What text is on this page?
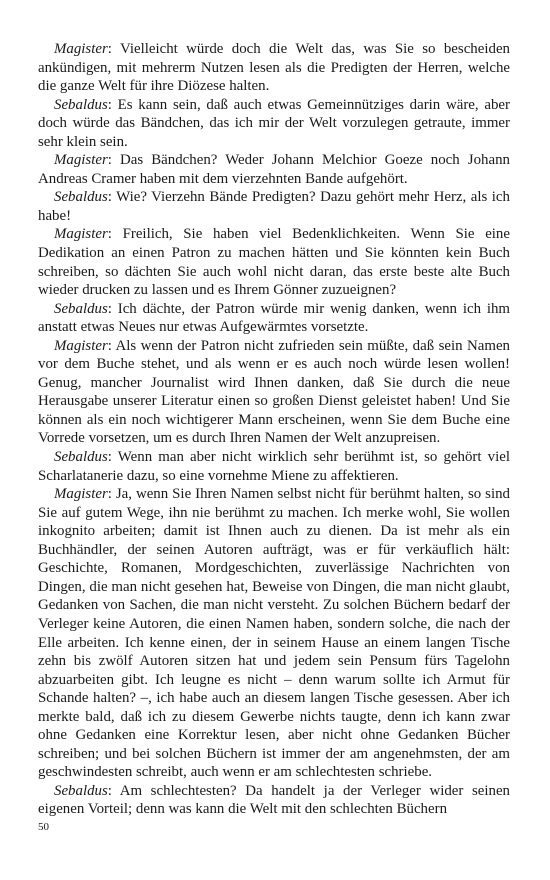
Magister: Vielleicht würde doch die Welt das, was Sie so bescheiden ankündigen, mit mehrerm Nutzen lesen als die Predigten der Herren, welche die ganze Welt für ihre Diözese halten.

Sebaldus: Es kann sein, daß auch etwas Gemeinnütziges darin wäre, aber doch würde das Bändchen, das ich mir der Welt vorzulegen getraute, immer sehr klein sein.

Magister: Das Bändchen? Weder Johann Melchior Goeze noch Johann Andreas Cramer haben mit dem vierzehnten Bande aufgehört.

Sebaldus: Wie? Vierzehn Bände Predigten? Dazu gehört mehr Herz, als ich habe!

Magister: Freilich, Sie haben viel Bedenklichkeiten. Wenn Sie eine Dedikation an einen Patron zu machen hätten und Sie könnten kein Buch schreiben, so dächten Sie auch wohl nicht daran, das erste beste alte Buch wieder drucken zu lassen und es Ihrem Gönner zuzueignen?

Sebaldus: Ich dächte, der Patron würde mir wenig danken, wenn ich ihm anstatt etwas Neues nur etwas Aufgewärmtes vorsetzte.

Magister: Als wenn der Patron nicht zufrieden sein müßte, daß sein Namen vor dem Buche stehet, und als wenn er es auch noch würde lesen wollen! Genug, mancher Journalist wird Ihnen danken, daß Sie durch die neue Herausgabe unserer Literatur einen so großen Dienst geleistet haben! Und Sie können als ein noch wichtigerer Mann erscheinen, wenn Sie dem Buche eine Vorrede vorsetzen, um es durch Ihren Namen der Welt anzupreisen.

Sebaldus: Wenn man aber nicht wirklich sehr berühmt ist, so gehört viel Scharlatanerie dazu, so eine vornehme Miene zu affektieren.

Magister: Ja, wenn Sie Ihren Namen selbst nicht für berühmt halten, so sind Sie auf gutem Wege, ihn nie berühmt zu machen. Ich merke wohl, Sie wollen inkognito arbeiten; damit ist Ihnen auch zu dienen. Da ist mehr als ein Buchhändler, der seinen Autoren aufträgt, was er für verkäuflich hält: Geschichte, Romanen, Mordgeschichten, zuverlässige Nachrichten von Dingen, die man nicht gesehen hat, Beweise von Dingen, die man nicht glaubt, Gedanken von Sachen, die man nicht versteht. Zu solchen Büchern bedarf der Verleger keine Autoren, die einen Namen haben, sondern solche, die nach der Elle arbeiten. Ich kenne einen, der in seinem Hause an einem langen Tische zehn bis zwölf Autoren sitzen hat und jedem sein Pensum fürs Tagelohn abzuarbeiten gibt. Ich leugne es nicht – denn warum sollte ich Armut für Schande halten? –, ich habe auch an diesem langen Tische gesessen. Aber ich merkte bald, daß ich zu diesem Gewerbe nichts taugte, denn ich kann zwar ohne Gedanken eine Korrektur lesen, aber nicht ohne Gedanken Bücher schreiben; und bei solchen Büchern ist immer der am angenehmsten, der am geschwindesten schreibt, auch wenn er am schlechtesten schriebe.

Sebaldus: Am schlechtesten? Da handelt ja der Verleger wider seinen eigenen Vorteil; denn was kann die Welt mit den schlechten Büchern

50
